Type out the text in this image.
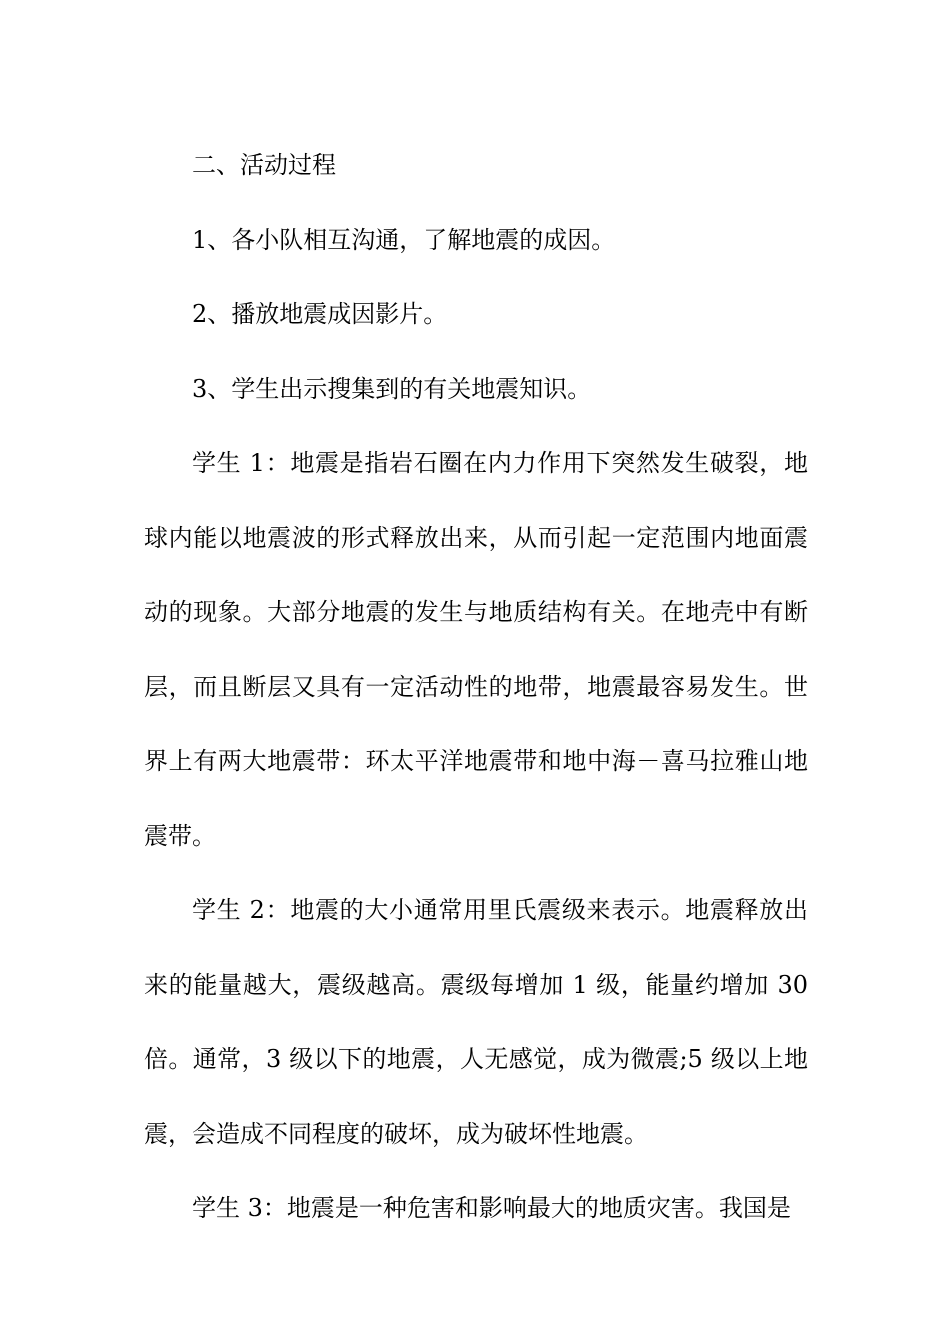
二、活动过程

1、各小队相互沟通，了解地震的成因。

2、播放地震成因影片。

3、学生出示搜集到的有关地震知识。

学生 1：地震是指岩石圈在内力作用下突然发生破裂，地球内能以地震波的形式释放出来，从而引起一定范围内地面震动的现象。大部分地震的发生与地质结构有关。在地壳中有断层，而且断层又具有一定活动性的地带，地震最容易发生。世界上有两大地震带：环太平洋地震带和地中海－喜马拉雅山地震带。

学生 2：地震的大小通常用里氏震级来表示。地震释放出来的能量越大，震级越高。震级每增加 1 级，能量约增加 30 倍。通常，3 级以下的地震，人无感觉，成为微震;5 级以上地震，会造成不同程度的破坏，成为破坏性地震。

学生 3：地震是一种危害和影响最大的地质灾害。我国是
